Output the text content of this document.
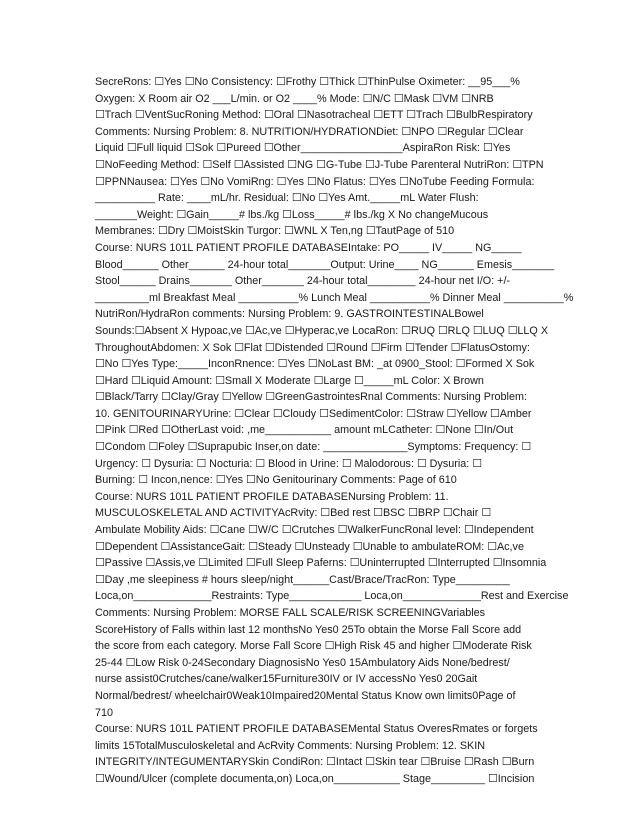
SecreRons: ☐Yes ☐No Consistency: ☐Frothy ☐Thick ☐ThinPulse Oximeter: __95___%
Oxygen: X Room air O2 ___L/min. or O2 ____% Mode: ☐N/C ☐Mask ☐VM ☐NRB
☐Trach ☐VentSucRoning Method: ☐Oral ☐Nasotracheal ☐ETT ☐Trach ☐BulbRespiratory
Comments: Nursing Problem: 8. NUTRITION/HYDRATIONDiet: ☐NPO ☐Regular ☐Clear
Liquid ☐Full liquid ☐Sok ☐Pureed ☐Other_________________AspiraRon Risk: ☐Yes
☐NoFeeding Method: ☐Self ☐Assisted ☐NG ☐G-Tube ☐J-Tube Parenteral NutriRon: ☐TPN
☐PPNNausea: ☐Yes ☐No VomiRng: ☐Yes ☐No Flatus: ☐Yes ☐NoTube Feeding Formula:
__________ Rate: ____mL/hr. Residual: ☐No ☐Yes Amt._____mL Water Flush:
_______Weight: ☐Gain_____# lbs./kg ☐Loss_____# lbs./kg X No changeMucous
Membranes: ☐Dry ☐MoistSkin Turgor: ☐WNL X Ten,ng ☐TautPage of 510
Course: NURS 101L PATIENT PROFILE DATABASEIntake: PO_____ IV_____ NG_____
Blood______ Other______ 24-hour total_______Output: Urine____ NG______ Emesis_______
Stool______ Drains_______ Other_______ 24-hour total________ 24-hour net I/O: +/-
_________ml Breakfast Meal __________% Lunch Meal __________% Dinner Meal __________%
NutriRon/HydraRon comments: Nursing Problem: 9. GASTROINTESTINALBowel
Sounds:☐Absent X Hypoac,ve ☐Ac,ve ☐Hyperac,ve LocaRon: ☐RUQ ☐RLQ ☐LUQ ☐LLQ X
ThroughoutAbdomen: X Sok ☐Flat ☐Distended ☐Round ☐Firm ☐Tender ☐FlatusOstomy:
☐No ☐Yes Type:_____InconRnence: ☐Yes ☐NoLast BM: _at 0900_Stool: ☐Formed X Sok
☐Hard ☐Liquid Amount: ☐Small X Moderate ☐Large ☐_____mL Color: X Brown
☐Black/Tarry ☐Clay/Gray ☐Yellow ☐GreenGastrointesRnal Comments: Nursing Problem:
10. GENITOURINARYUrine: ☐Clear ☐Cloudy ☐SedimentColor: ☐Straw ☐Yellow ☐Amber
☐Pink ☐Red ☐OtherLast void: ,me___________ amount mLCatheter: ☐None ☐In/Out
☐Condom ☐Foley ☐Suprapubic Inser,on date: ______________Symptoms: Frequency: ☐
Urgency: ☐ Dysuria: ☐ Nocturia: ☐ Blood in Urine: ☐ Malodorous: ☐ Dysuria: ☐
Burning: ☐ Incon,nence: ☐Yes ☐No Genitourinary Comments: Page of 610
Course: NURS 101L PATIENT PROFILE DATABASENursing Problem: 11.
MUSCULOSKELETAL AND ACTIVITYAcRvity: ☐Bed rest ☐BSC ☐BRP ☐Chair ☐
Ambulate Mobility Aids: ☐Cane ☐W/C ☐Crutches ☐WalkerFuncRonal level: ☐Independent
☐Dependent ☐AssistanceGait: ☐Steady ☐Unsteady ☐Unable to ambulateROM: ☐Ac,ve
☐Passive ☐Assis,ve ☐Limited ☐Full Sleep Paferns: ☐Uninterrupted ☐Interrupted ☐Insomnia
☐Day ,me sleepiness # hours sleep/night______Cast/Brace/TracRon: Type_________
Loca,on_____________Restraints: Type____________ Loca,on_____________Rest and Exercise
Comments: Nursing Problem: MORSE FALL SCALE/RISK SCREENINGVariables
ScoreHistory of Falls within last 12 monthsNo Yes0 25To obtain the Morse Fall Score add
the score from each category. Morse Fall Score ☐High Risk 45 and higher ☐Moderate Risk
25-44 ☐Low Risk 0-24Secondary DiagnosisNo Yes0 15Ambulatory Aids None/bedrest/
nurse assist0Crutches/cane/walker15Furniture30IV or IV accessNo Yes0 20Gait
Normal/bedrest/ wheelchair0Weak10Impaired20Mental Status Know own limits0Page of
710
Course: NURS 101L PATIENT PROFILE DATABASEMental Status OveresRmates or forgets
limits 15TotalMusculoskeletal and AcRvity Comments: Nursing Problem: 12. SKIN
INTEGRITY/INTEGUMENTARYSkin CondiRon: ☐Intact ☐Skin tear ☐Bruise ☐Rash ☐Burn
☐Wound/Ulcer (complete documenta,on) Loca,on___________ Stage_________ ☐Incision
